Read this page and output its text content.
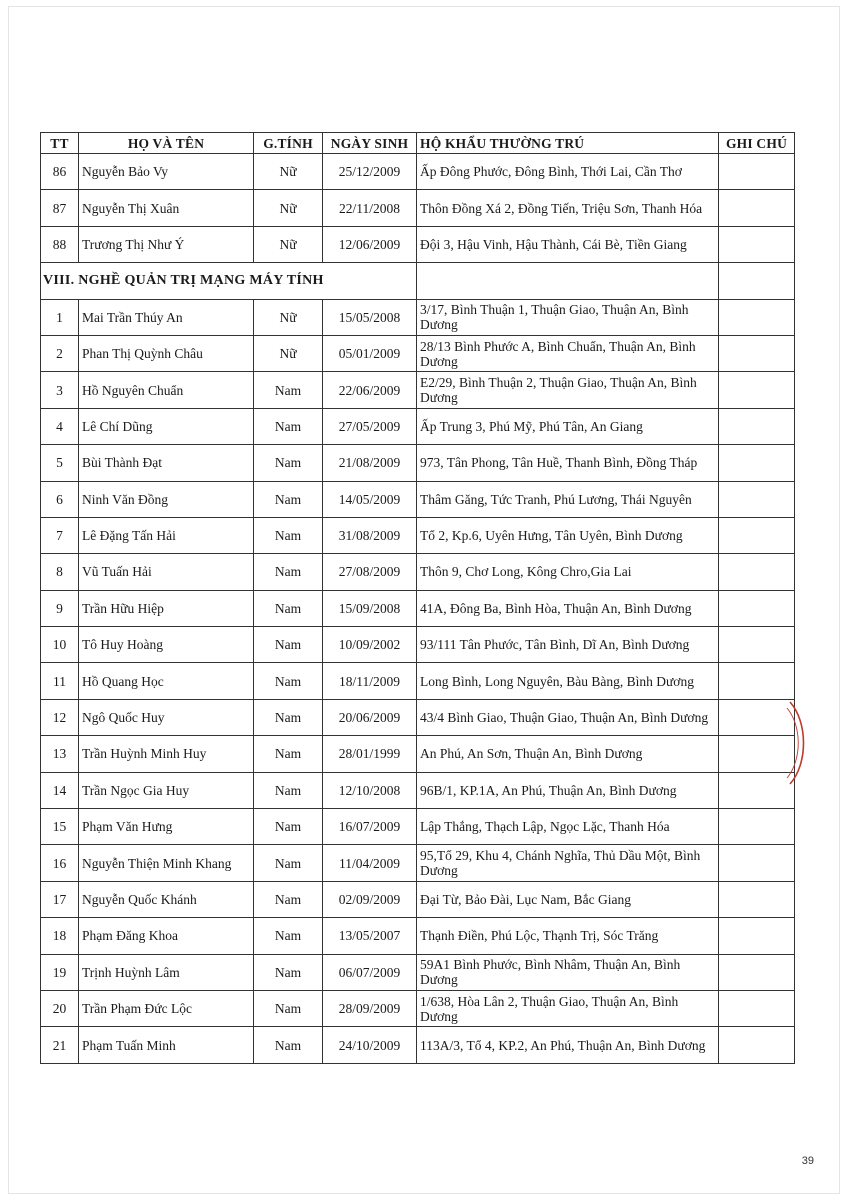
TT	HỌ VÀ TÊN	G.TÍNH	NGÀY SINH	HỘ KHẨU THƯỜNG TRÚ	GHI CHÚ
86	Nguyễn Bảo Vy	Nữ	25/12/2009	Ấp Đông Phước, Đông Bình, Thới Lai, Cần Thơ	
87	Nguyễn Thị Xuân	Nữ	22/11/2008	Thôn Đồng Xá 2, Đồng Tiến, Triệu Sơn, Thanh Hóa	
88	Trương Thị Như Ý	Nữ	12/06/2009	Đội 3, Hậu Vinh, Hậu Thành, Cái Bè, Tiền Giang	
VIII. NGHỀ QUẢN TRỊ MẠNG MÁY TÍNH					
1	Mai Trần Thúy An	Nữ	15/05/2008	3/17, Bình Thuận 1, Thuận Giao, Thuận An, Bình Dương	
2	Phan Thị Quỳnh Châu	Nữ	05/01/2009	28/13 Bình Phước A, Bình Chuẩn, Thuận An, Bình Dương	
3	Hồ Nguyên Chuẩn	Nam	22/06/2009	E2/29, Bình Thuận 2, Thuận Giao, Thuận An, Bình Dương	
4	Lê Chí Dũng	Nam	27/05/2009	Ấp Trung 3, Phú Mỹ, Phú Tân, An Giang	
5	Bùi Thành Đạt	Nam	21/08/2009	973, Tân Phong, Tân Huề, Thanh Bình, Đồng Tháp	
6	Ninh Văn Đồng	Nam	14/05/2009	Thâm Găng, Tức Tranh, Phú Lương, Thái Nguyên	
7	Lê Đặng Tấn Hải	Nam	31/08/2009	Tổ 2, Kp.6, Uyên Hưng, Tân Uyên, Bình Dương	
8	Vũ Tuấn Hải	Nam	27/08/2009	Thôn 9, Chơ Long, Kông Chro,Gia Lai	
9	Trần Hữu Hiệp	Nam	15/09/2008	41A, Đông Ba, Bình Hòa, Thuận An, Bình Dương	
10	Tô Huy Hoàng	Nam	10/09/2002	93/111 Tân Phước, Tân Bình, Dĩ An, Bình Dương	
11	Hồ Quang Học	Nam	18/11/2009	Long Bình, Long Nguyên, Bàu Bàng, Bình Dương	
12	Ngô Quốc Huy	Nam	20/06/2009	43/4 Bình Giao, Thuận Giao, Thuận An, Bình Dương	
13	Trần Huỳnh Minh Huy	Nam	28/01/1999	An Phú, An Sơn, Thuận An, Bình Dương	
14	Trần Ngọc Gia Huy	Nam	12/10/2008	96B/1, KP.1A, An Phú, Thuận An, Bình Dương	
15	Phạm Văn Hưng	Nam	16/07/2009	Lập Thắng, Thạch Lập, Ngọc Lặc, Thanh Hóa	
16	Nguyễn Thiện Minh Khang	Nam	11/04/2009	95,Tổ 29, Khu 4, Chánh Nghĩa, Thủ Dầu Một, Bình Dương	
17	Nguyễn Quốc Khánh	Nam	02/09/2009	Đại Từ, Bảo Đài, Lục Nam, Bắc Giang	
18	Phạm Đăng Khoa	Nam	13/05/2007	Thạnh Điền, Phú Lộc, Thạnh Trị, Sóc Trăng	
19	Trịnh Huỳnh Lâm	Nam	06/07/2009	59A1 Bình Phước, Bình Nhâm, Thuận An, Bình Dương	
20	Trần Phạm Đức Lộc	Nam	28/09/2009	1/638, Hòa Lân 2, Thuận Giao, Thuận An, Bình Dương	
21	Phạm Tuấn Minh	Nam	24/10/2009	113A/3, Tổ 4, KP.2, An Phú, Thuận An, Bình Dương	
39
